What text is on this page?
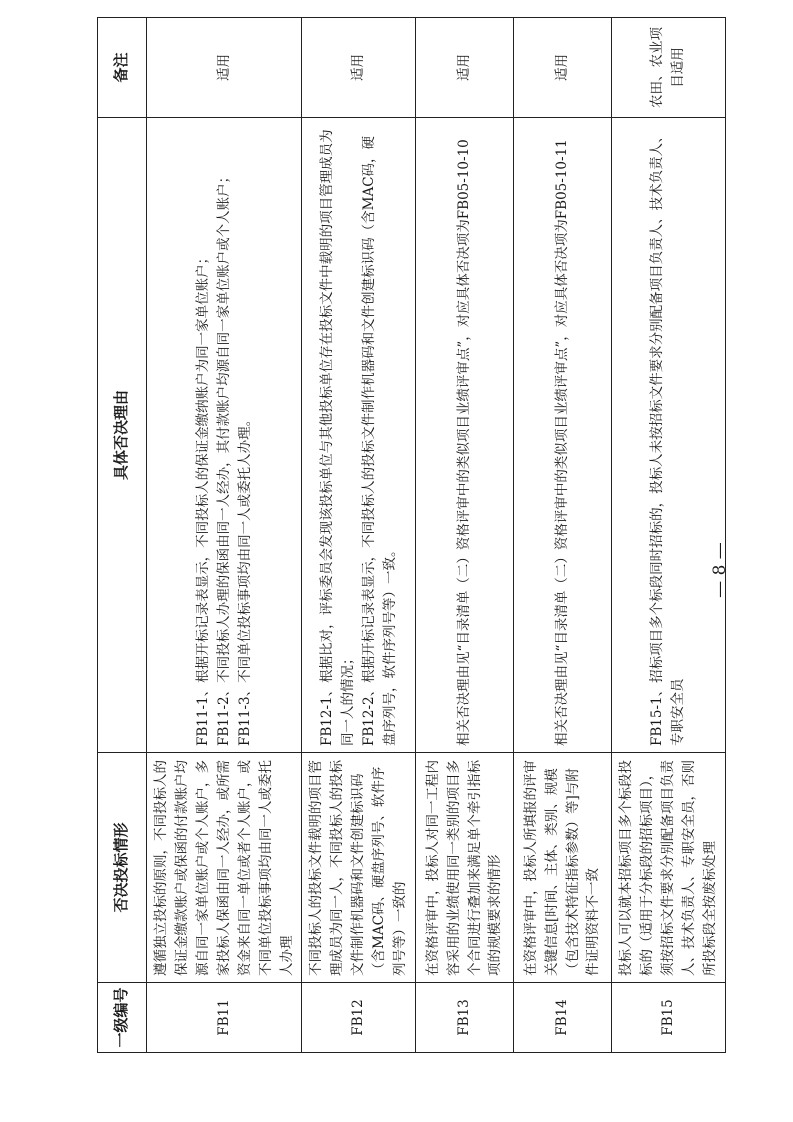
一级编号	否决投标情形	具体否决理由	备注
FB11	遵循独立投标的原则，不同投标人的保证金缴款账户或保函的付款账户均源自同一家单位账户或个人账户，多家投标人保函由同一人经办，或所需资金来自同一单位或者个人账户，或不同单位投标事项均由同一人或委托人办理	FB11-1、根据开标记录表显示，不同投标人的保证金缴纳账户为同一家单位账户； FB11-2、不同投标人办理的保函由同一人经办，其付款账户均源自同一家单位账户或个人账户； FB11-3、不同单位投标事项均由同一人或委托人办理。	适用
FB12	不同投标人的投标文件载明的项目管理成员为同一人，不同投标人的投标文件制作机器码和文件创建标识码（含MAC码、硬盘序列号、软件序列号等）一致的	FB12-1、根据比对，评标委员会发现该投标单位与其他投标单位存在投标文件中载明的项目管理成员为同一人的情况； FB12-2、根据开标记录表显示，不同投标人的投标文件制作机器码和文件创建标识码（含MAC码，硬盘序列号，软件序列号等）一致。	适用
FB13	在资格评审中，投标人对同一工程内容采用的业绩使用同一类别的项目多个合同进行叠加来满足单个牵引指标项的规模要求的情形	相关否决理由见“目录清单（二）资格评审中的类似项目业绩评审点”，对应具体否决项为FB05-10-10	适用
FB14	在资格评审中，投标人所填报的评审关键信息[时间、主体、类别、规模（包含技术特征指标参数）等]与附件证明资料不一致	相关否决理由见“目录清单（二）资格评审中的类似项目业绩评审点”，对应具体否决项为FB05-10-11	适用
FB15	投标人可以就本招标项目多个标段投标的（适用于分标段的招标项目），须按招标文件要求分别配备项目负责人、技术负责人、专职安全员，否则所投标段全按废标处理	FB15-1、招标项目多个标段同时招标的，投标人未按招标文件要求分别配备项目负责人、技术负责人、专职安全员	农田、农业项目适用
— 8 —
